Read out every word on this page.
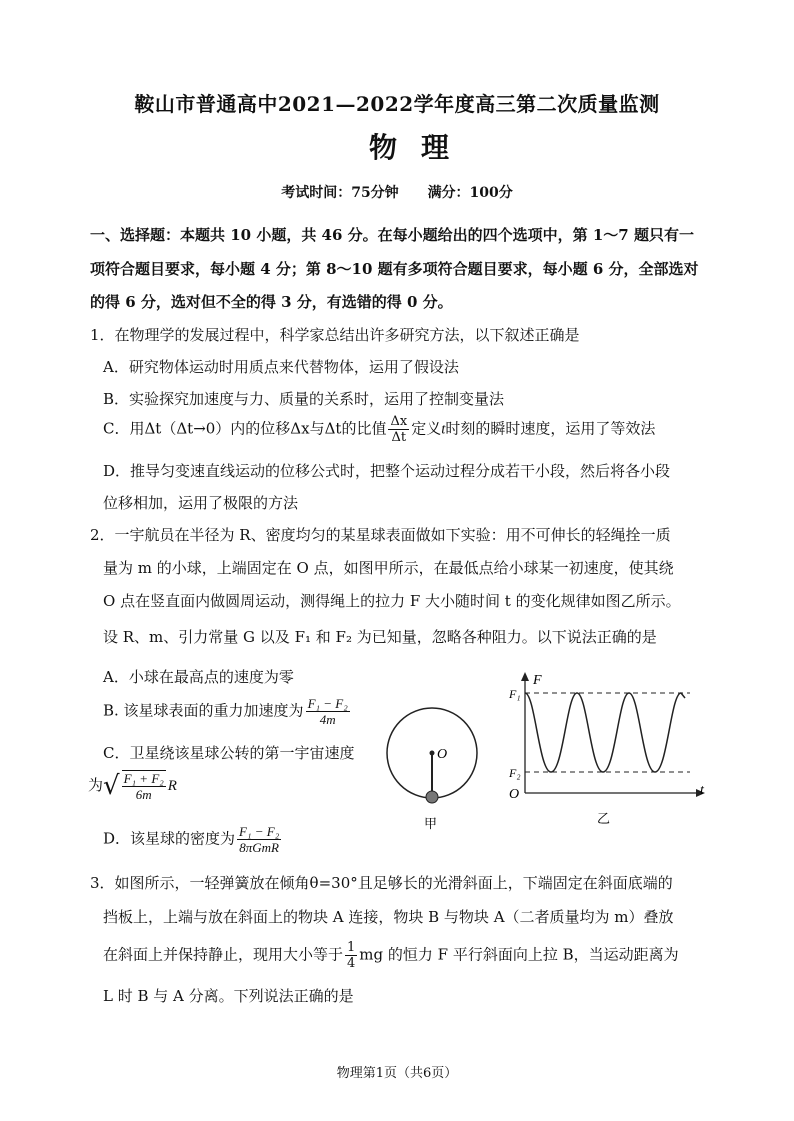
鞍山市普通高中2021—2022学年度高三第二次质量监测
物理
考试时间：75分钟 满分：100分
一、选择题：本题共 10 小题，共 46 分。在每小题给出的四个选项中，第 1～7 题只有一
项符合题目要求，每小题 4 分；第 8～10 题有多项符合题目要求，每小题 6 分，全部选对
的得 6 分，选对但不全的得 3 分，有选错的得 0 分。
1．在物理学的发展过程中，科学家总结出许多研究方法，以下叙述正确是
A．研究物体运动时用质点来代替物体，运用了假设法
B．实验探究加速度与力、质量的关系时，运用了控制变量法
C．用Δt（Δt→0）内的位移Δx与Δt的比值 $\frac{\Delta x}{\Delta t}$ 定义t时刻的瞬时速度，运用了等效法
D．推导匀变速直线运动的位移公式时，把整个运动过程分成若干小段，然后将各小段
位移相加，运用了极限的方法
2．一宇航员在半径为 R、密度均匀的某星球表面做如下实验：用不可伸长的轻绳拴一质
量为 m 的小球，上端固定在 O 点，如图甲所示，在最低点给小球某一初速度，使其绕
O 点在竖直面内做圆周运动，测得绳上的拉力 F 大小随时间 t 的变化规律如图乙所示。
设 R、m、引力常量 G 以及 F₁ 和 F₂ 为已知量，忽略各种阻力。以下说法正确的是
A．小球在最高点的速度为零
B. 该星球表面的重力加速度为 $\frac{\text{F₁ − F₂}}{4m}$
C．卫星绕该星球公转的第一宇宙速度
为√ $\frac{\text{F₁ + F₂}}{6m}$ R
D．该星球的密度为 $\frac{\text{F₁ − F₂}}{\text{8πGmR}}$
O
甲
F
t
O
F₁
F₂
乙
3．如图所示，一轻弹簧放在倾角θ=30°且足够长的光滑斜面上，下端固定在斜面底端的
挡板上，上端与放在斜面上的物块 A 连接，物块 B 与物块 A（二者质量均为 m）叠放
在斜面上并保持静止，现用大小等于 $\frac{1}{4}$ mg 的恒力 F 平行斜面向上拉 B，当运动距离为
L 时 B 与 A 分离。下列说法正确的是
物理第1页（共6页）
